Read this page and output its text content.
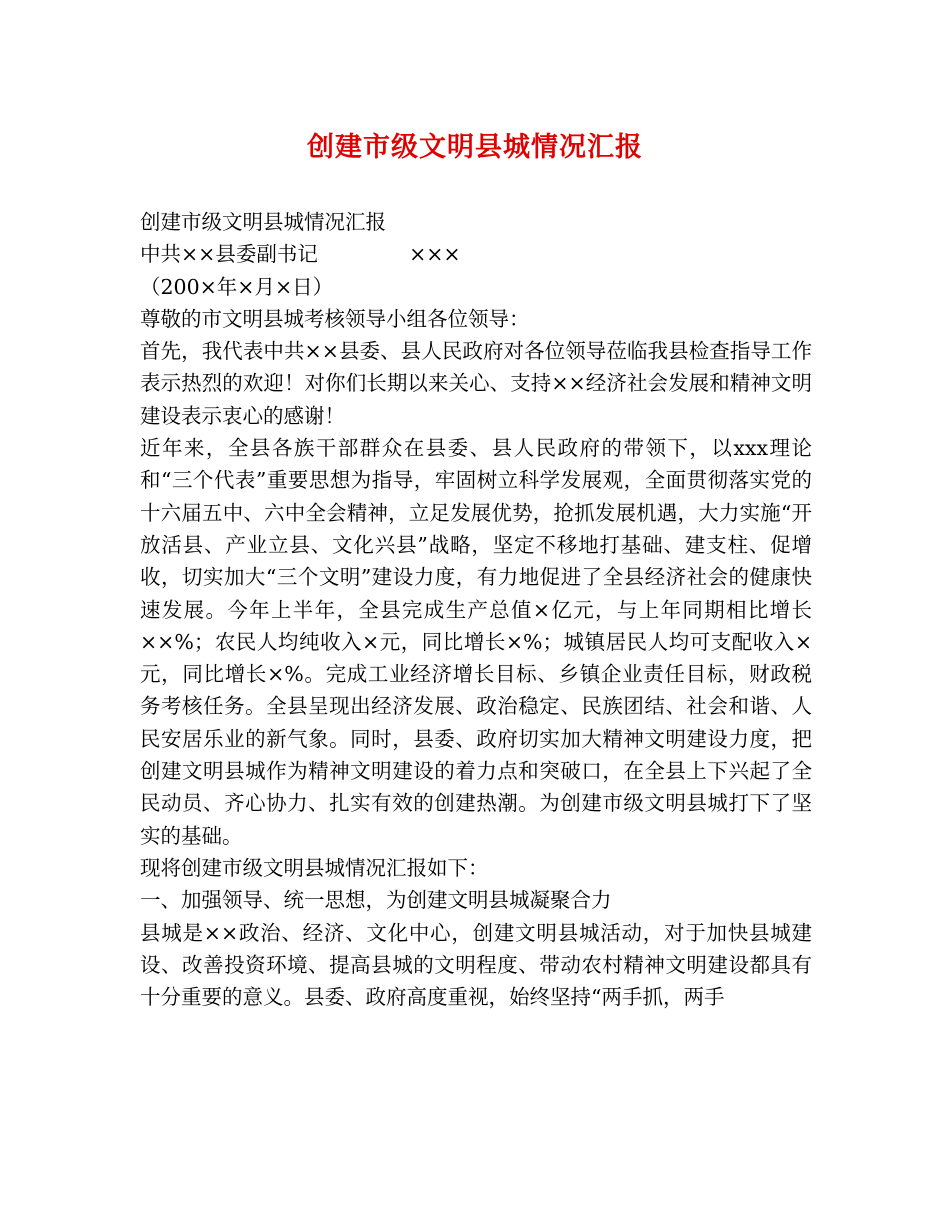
创建市级文明县城情况汇报

创建市级文明县城情况汇报

中共××县委副书记              ×××

（200×年×月×日）

尊敬的市文明县城考核领导小组各位领导：

首先，我代表中共××县委、县人民政府对各位领导莅临我县检查指导工作表示热烈的欢迎！对你们长期以来关心、支持××经济社会发展和精神文明建设表示衷心的感谢！

近年来，全县各族干部群众在县委、县人民政府的带领下，以xxx理论和“三个代表”重要思想为指导，牢固树立科学发展观，全面贯彻落实党的十六届五中、六中全会精神，立足发展优势，抢抓发展机遇，大力实施“开放活县、产业立县、文化兴县”战略，坚定不移地打基础、建支柱、促增收，切实加大“三个文明”建设力度，有力地促进了全县经济社会的健康快速发展。今年上半年，全县完成生产总值×亿元，与上年同期相比增长××%；农民人均纯收入×元，同比增长×%；城镇居民人均可支配收入×元，同比增长×%。完成工业经济增长目标、乡镇企业责任目标，财政税务考核任务。全县呈现出经济发展、政治稳定、民族团结、社会和谐、人民安居乐业的新气象。同时，县委、政府切实加大精神文明建设力度，把创建文明县城作为精神文明建设的着力点和突破口，在全县上下兴起了全民动员、齐心协力、扎实有效的创建热潮。为创建市级文明县城打下了坚实的基础。

现将创建市级文明县城情况汇报如下：

一、加强领导、统一思想，为创建文明县城凝聚合力

县城是××政治、经济、文化中心，创建文明县城活动，对于加快县城建设、改善投资环境、提高县城的文明程度、带动农村精神文明建设都具有十分重要的意义。县委、政府高度重视，始终坚持“两手抓，两手
